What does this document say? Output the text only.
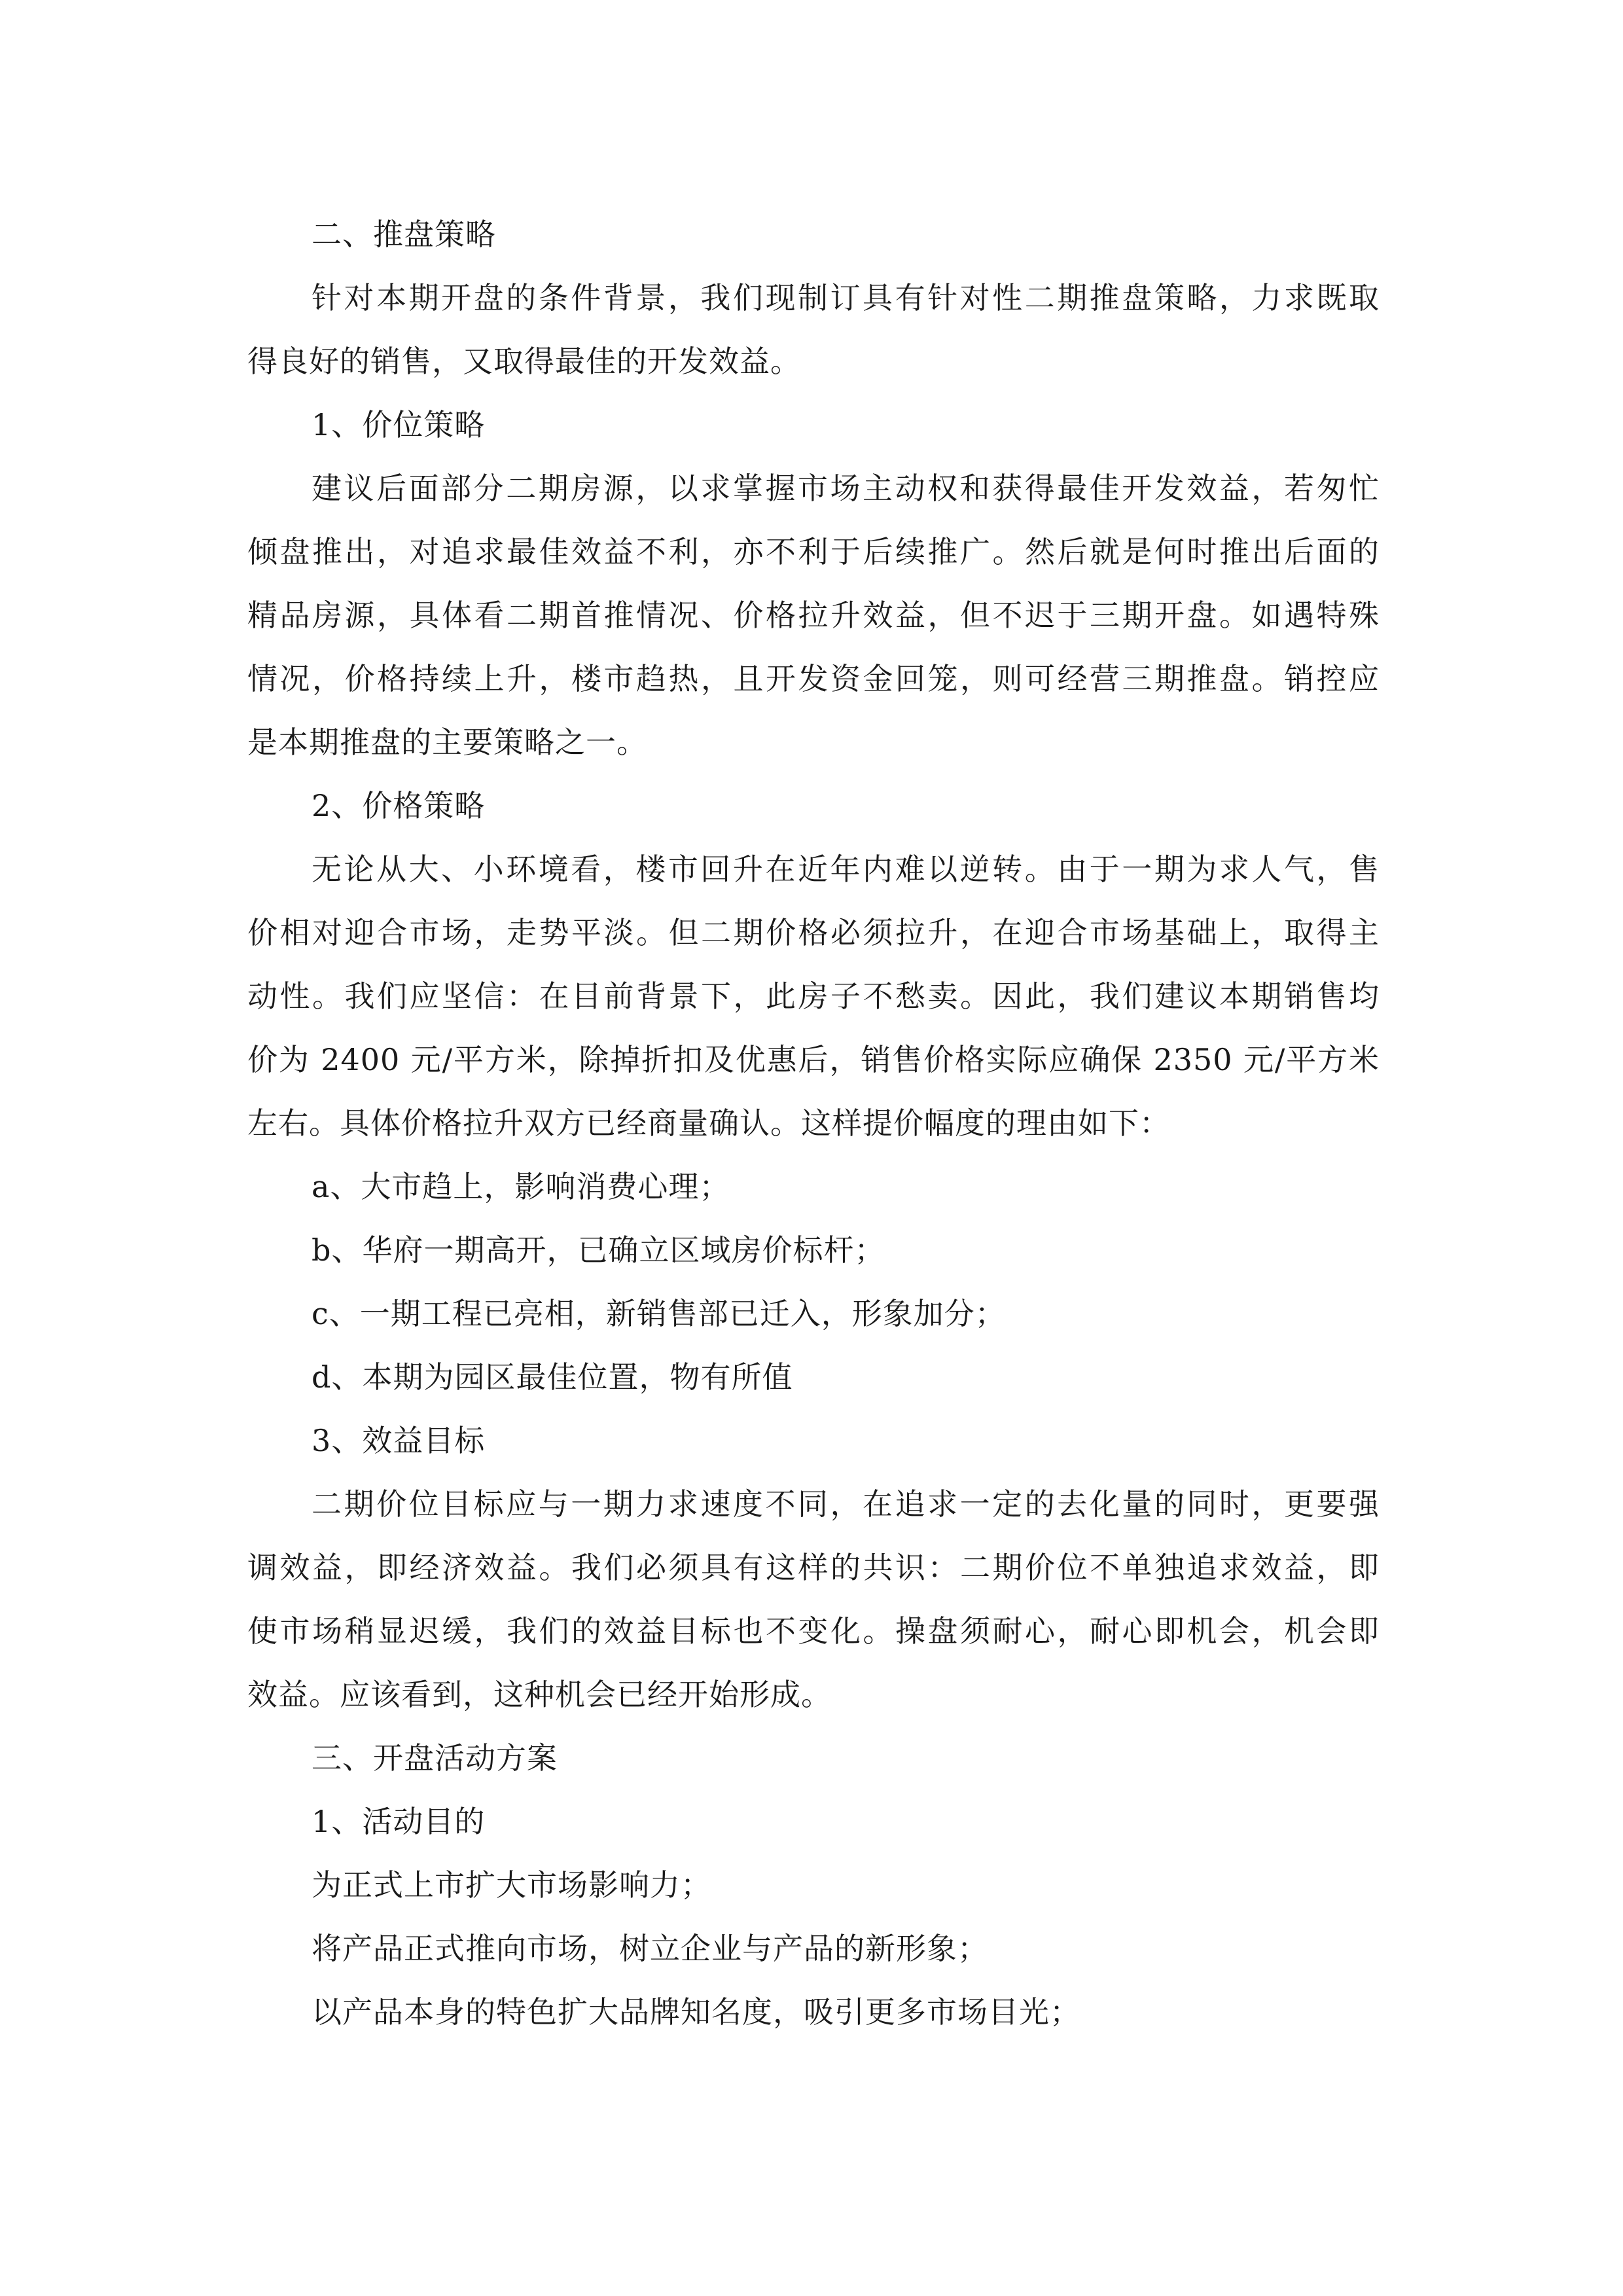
二、推盘策略
针对本期开盘的条件背景，我们现制订具有针对性二期推盘策略，力求既取
得良好的销售，又取得最佳的开发效益。
1、价位策略
建议后面部分二期房源，以求掌握市场主动权和获得最佳开发效益，若匆忙
倾盘推出，对追求最佳效益不利，亦不利于后续推广。然后就是何时推出后面的
精品房源，具体看二期首推情况、价格拉升效益，但不迟于三期开盘。如遇特殊
情况，价格持续上升，楼市趋热，且开发资金回笼，则可经营三期推盘。销控应
是本期推盘的主要策略之一。
2、价格策略
无论从大、小环境看，楼市回升在近年内难以逆转。由于一期为求人气，售
价相对迎合市场，走势平淡。但二期价格必须拉升，在迎合市场基础上，取得主
动性。我们应坚信：在目前背景下，此房子不愁卖。因此，我们建议本期销售均
价为 2400 元/平方米，除掉折扣及优惠后，销售价格实际应确保 2350 元/平方米
左右。具体价格拉升双方已经商量确认。这样提价幅度的理由如下：
a、大市趋上，影响消费心理；
b、华府一期高开，已确立区域房价标杆；
c、一期工程已亮相，新销售部已迁入，形象加分；
d、本期为园区最佳位置，物有所值
3、效益目标
二期价位目标应与一期力求速度不同，在追求一定的去化量的同时，更要强
调效益，即经济效益。我们必须具有这样的共识：二期价位不单独追求效益，即
使市场稍显迟缓，我们的效益目标也不变化。操盘须耐心，耐心即机会，机会即
效益。应该看到，这种机会已经开始形成。
三、开盘活动方案
1、活动目的
为正式上市扩大市场影响力；
将产品正式推向市场，树立企业与产品的新形象；
以产品本身的特色扩大品牌知名度，吸引更多市场目光；
